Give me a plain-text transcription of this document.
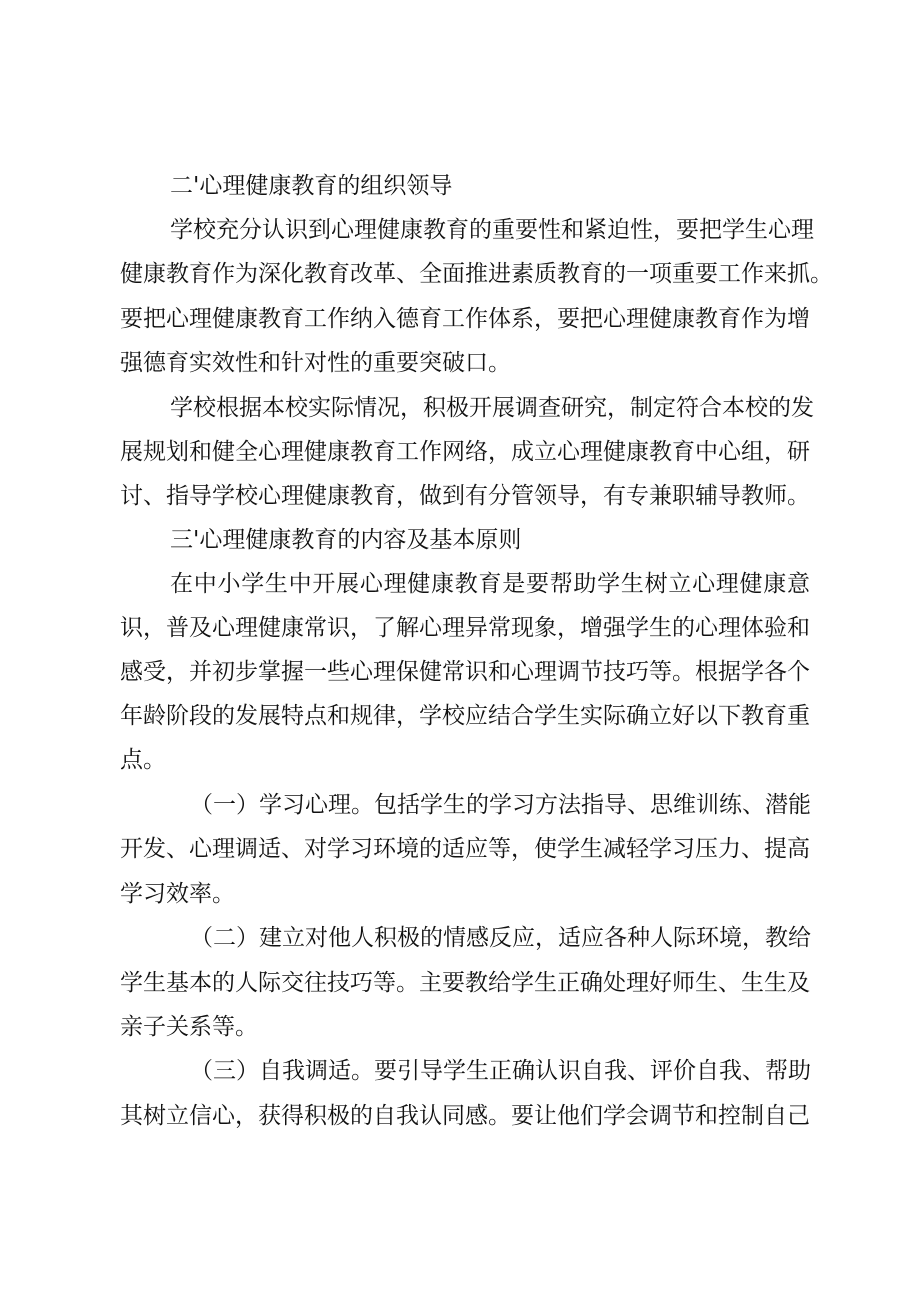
二'心理健康教育的组织领导
学校充分认识到心理健康教育的重要性和紧迫性，要把学生心理
健康教育作为深化教育改革、全面推进素质教育的一项重要工作来抓。
要把心理健康教育工作纳入德育工作体系，要把心理健康教育作为增
强德育实效性和针对性的重要突破口。
学校根据本校实际情况，积极开展调查研究，制定符合本校的发
展规划和健全心理健康教育工作网络，成立心理健康教育中心组，研
讨、指导学校心理健康教育，做到有分管领导，有专兼职辅导教师。
三'心理健康教育的内容及基本原则
在中小学生中开展心理健康教育是要帮助学生树立心理健康意
识，普及心理健康常识，了解心理异常现象，增强学生的心理体验和
感受，并初步掌握一些心理保健常识和心理调节技巧等。根据学各个
年龄阶段的发展特点和规律，学校应结合学生实际确立好以下教育重
点。
（一）学习心理。包括学生的学习方法指导、思维训练、潜能
开发、心理调适、对学习环境的适应等，使学生减轻学习压力、提高
学习效率。
（二）建立对他人积极的情感反应，适应各种人际环境，教给
学生基本的人际交往技巧等。主要教给学生正确处理好师生、生生及
亲子关系等。
（三）自我调适。要引导学生正确认识自我、评价自我、帮助
其树立信心，获得积极的自我认同感。要让他们学会调节和控制自己
